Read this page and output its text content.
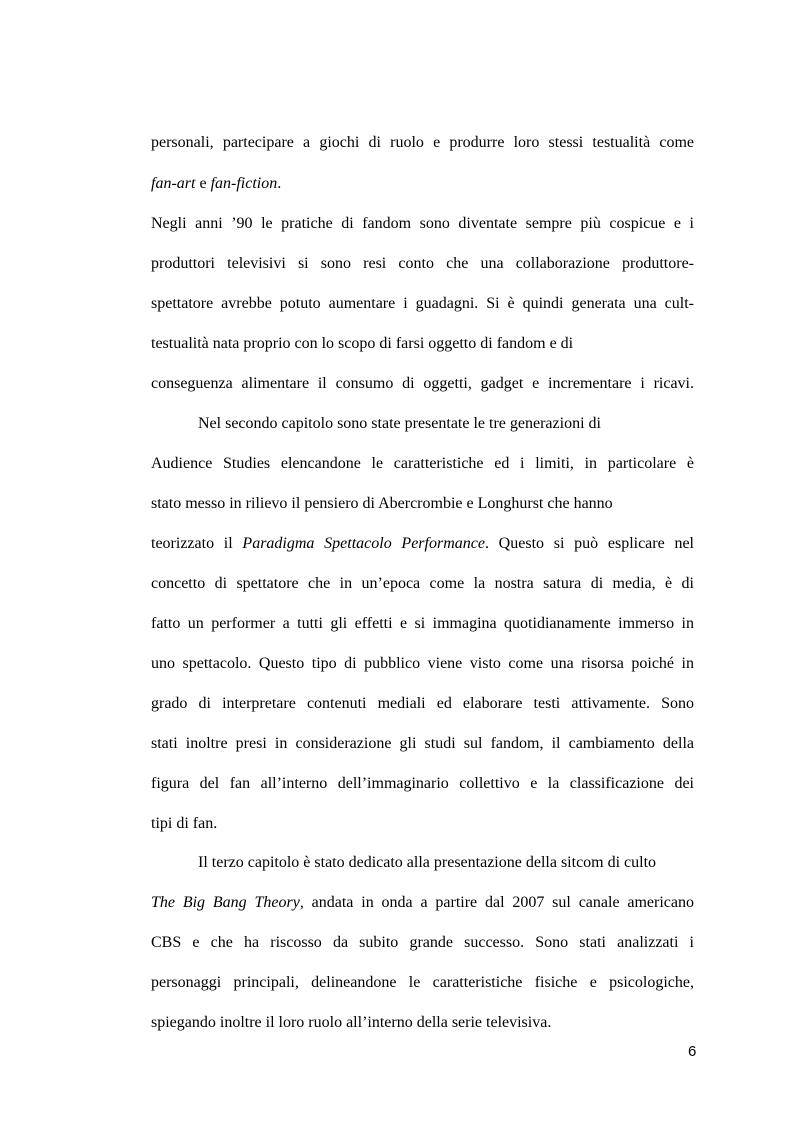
personali, partecipare a giochi di ruolo e produrre loro stessi testualità come
fan-art e fan-fiction.
Negli anni ’90 le pratiche di fandom sono diventate sempre più cospicue e i
produttori televisivi si sono resi conto che una collaborazione produttore-
spettatore avrebbe potuto aumentare i guadagni. Si è quindi generata una cult-
testualità nata proprio con lo scopo di farsi oggetto di fandom e di
conseguenza alimentare il consumo di oggetti, gadget e incrementare i ricavi.
Nel secondo capitolo sono state presentate le tre generazioni di
Audience Studies elencandone le caratteristiche ed i limiti, in particolare è
stato messo in rilievo il pensiero di Abercrombie e Longhurst che hanno
teorizzato il Paradigma Spettacolo Performance. Questo si può esplicare nel
concetto di spettatore che in un’epoca come la nostra satura di media, è di
fatto un performer a tutti gli effetti e si immagina quotidianamente immerso in
uno spettacolo. Questo tipo di pubblico viene visto come una risorsa poiché in
grado di interpretare contenuti mediali ed elaborare testi attivamente. Sono
stati inoltre presi in considerazione gli studi sul fandom, il cambiamento della
figura del fan all’interno dell’immaginario collettivo e la classificazione dei
tipi di fan.
Il terzo capitolo è stato dedicato alla presentazione della sitcom di culto
The Big Bang Theory, andata in onda a partire dal 2007 sul canale americano
CBS e che ha riscosso da subito grande successo. Sono stati analizzati i
personaggi principali, delineandone le caratteristiche fisiche e psicologiche,
spiegando inoltre il loro ruolo all’interno della serie televisiva.
6
